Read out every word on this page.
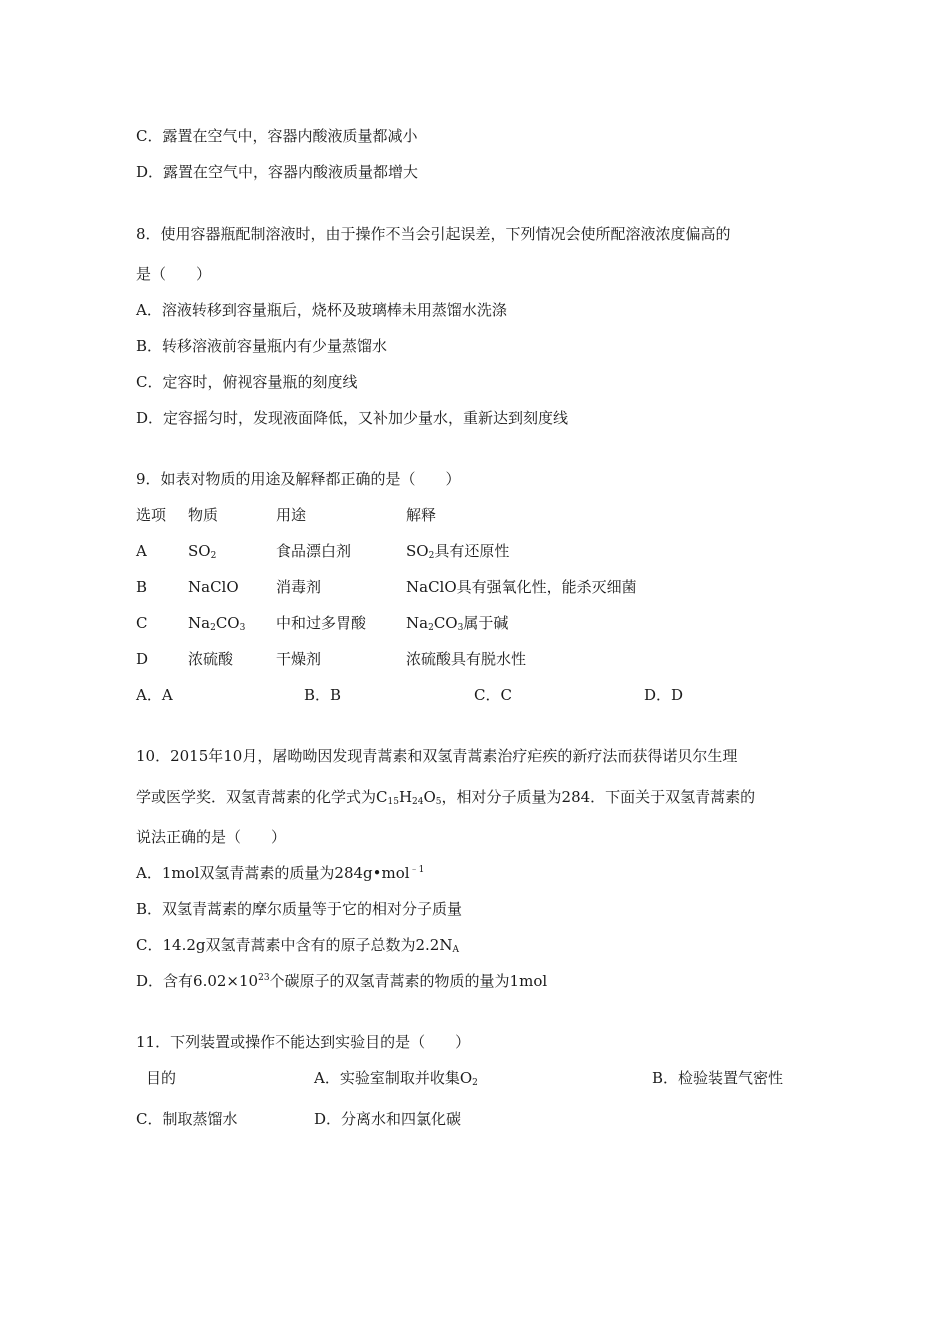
C．露置在空气中，容器内酸液质量都减小
D．露置在空气中，容器内酸液质量都增大
8．使用容器瓶配制溶液时，由于操作不当会引起误差，下列情况会使所配溶液浓度偏高的
是（　　）
A．溶液转移到容量瓶后，烧杯及玻璃棒未用蒸馏水洗涤
B．转移溶液前容量瓶内有少量蒸馏水
C．定容时，俯视容量瓶的刻度线
D．定容摇匀时，发现液面降低，又补加少量水，重新达到刻度线
9．如表对物质的用途及解释都正确的是（　　）
选项 物质	用途	解释
A	$SO_2$	食品漂白剂	$SO_2$具有还原性
B	NaClO 消毒剂	NaClO具有强氧化性，能杀灭细菌
C	$Na_2CO_3$ 中和过多胃酸	$Na_2CO_3$属于碱
D	浓硫酸	干燥剂	浓硫酸具有脱水性
A．A	B．B	C．C	D．D
10．2015年10月，屠呦呦因发现青蒿素和双氢青蒿素治疗疟疾的新疗法而获得诺贝尔生理
学或医学奖．双氢青蒿素的化学式为$C_{15}H_{24}O_5$，相对分子质量为284．下面关于双氢青蒿素的
说法正确的是（　　）
A．1mol双氢青蒿素的质量为284g•mol$^{﹣1}$
B．双氢青蒿素的摩尔质量等于它的相对分子质量
C．14.2g双氢青蒿素中含有的原子总数为$2.2N_A$
D．含有$6.02\times 10^{23}$个碳原子的双氢青蒿素的物质的量为1mol
11．下列装置或操作不能达到实验目的是（　　）
目的	A．实验室制取并收集$O_2$	B．检验装置气密性
C．制取蒸馏水	D．分离水和四氯化碳
